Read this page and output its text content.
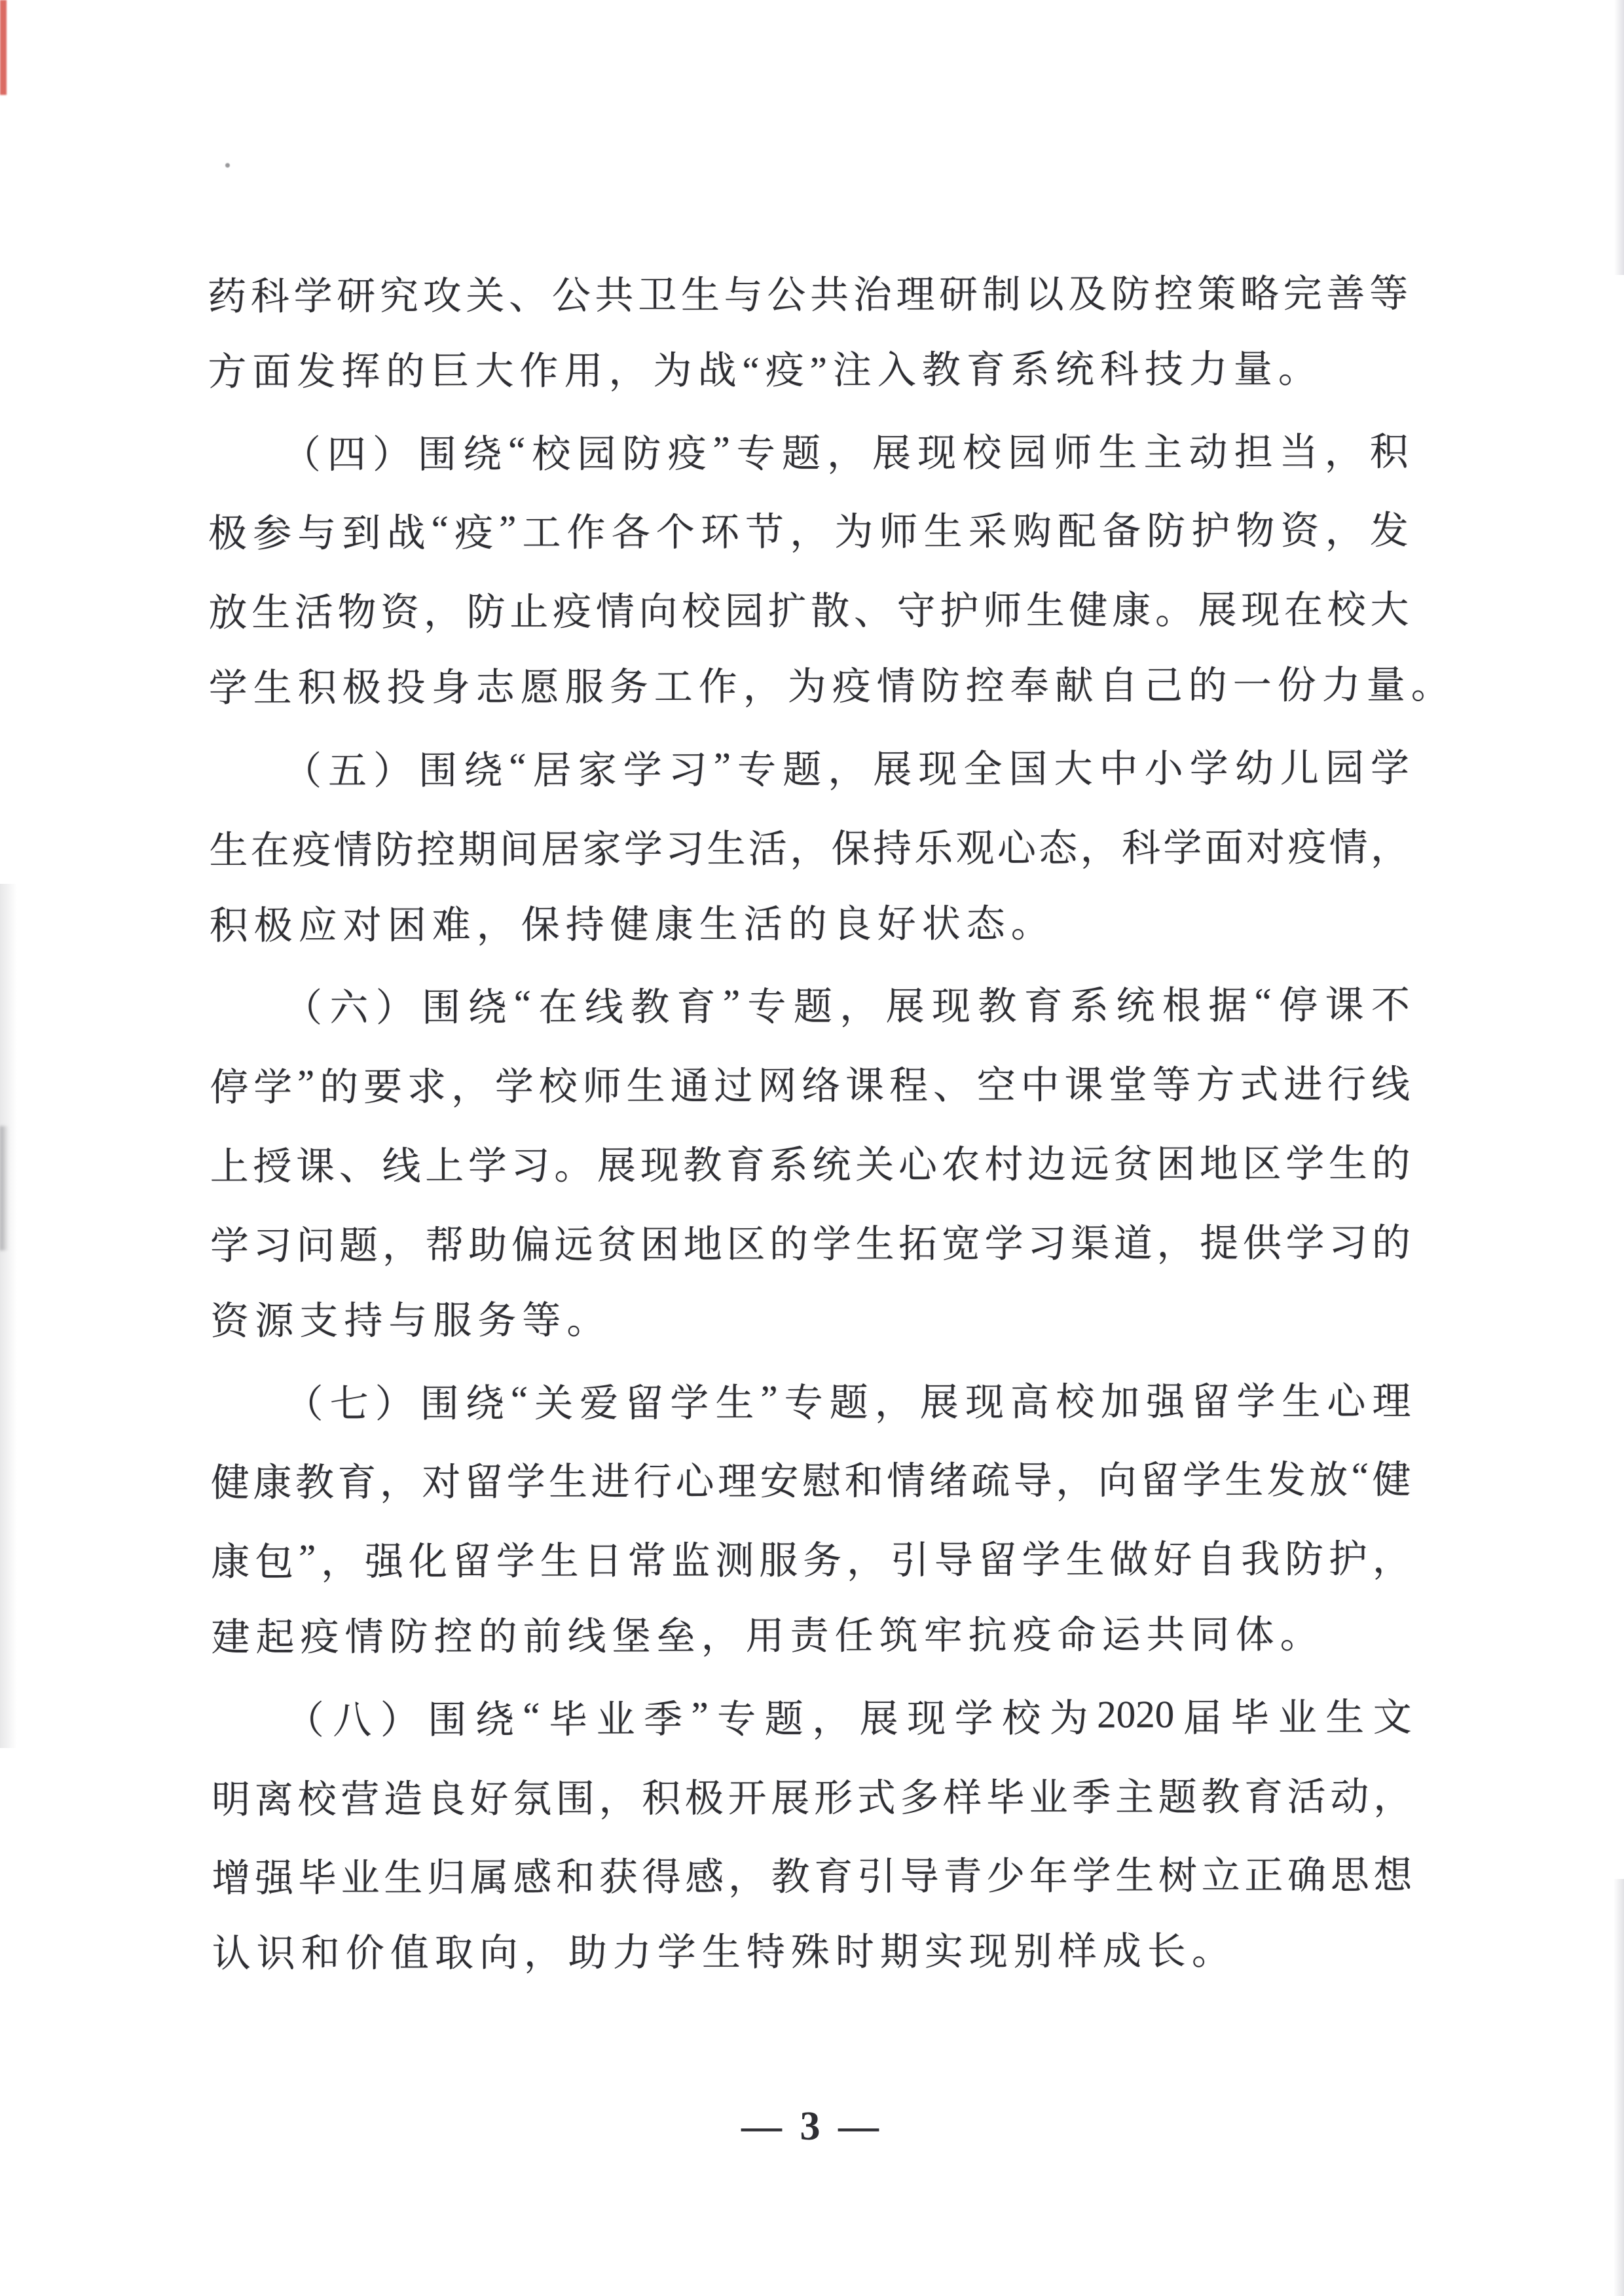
药 科 学 研 究 攻 关 、 公 共 卫 生 与 公 共 治 理 研 制 以 及 防 控 策 略 完 善 等
方面发挥的巨大作用，为战“疫”注入教育系统科技力量。
（ 四 ） 围 绕 “ 校 园 防 疫 ” 专 题 ， 展 现 校 园 师 生 主 动 担 当 ， 积
极 参 与 到 战 “ 疫 ” 工 作 各 个 环 节 ， 为 师 生 采 购 配 备 防 护 物 资 ， 发
放 生 活 物 资 ， 防 止 疫 情 向 校 园 扩 散 、 守 护 师 生 健 康 。 展 现 在 校 大
学生积极投身志愿服务工作，为疫情防控奉献自己的一份力量。
（ 五 ） 围 绕 “ 居 家 学 习 ” 专 题 ， 展 现 全 国 大 中 小 学 幼 儿 园 学
生 在 疫 情 防 控 期 间 居 家 学 习 生 活 ， 保 持 乐 观 心 态 ， 科 学 面 对 疫 情 ，
积极应对困难，保持健康生活的良好状态。
（ 六 ） 围 绕 “ 在 线 教 育 ” 专 题 ， 展 现 教 育 系 统 根 据 “ 停 课 不
停 学 ” 的 要 求 ， 学 校 师 生 通 过 网 络 课 程 、 空 中 课 堂 等 方 式 进 行 线
上 授 课 、 线 上 学 习 。 展 现 教 育 系 统 关 心 农 村 边 远 贫 困 地 区 学 生 的
学 习 问 题 ， 帮 助 偏 远 贫 困 地 区 的 学 生 拓 宽 学 习 渠 道 ， 提 供 学 习 的
资源支持与服务等。
（ 七 ） 围 绕 “ 关 爱 留 学 生 ” 专 题 ， 展 现 高 校 加 强 留 学 生 心 理
健 康 教 育 ， 对 留 学 生 进 行 心 理 安 慰 和 情 绪 疏 导 ， 向 留 学 生 发 放 “ 健
康 包 ” ， 强 化 留 学 生 日 常 监 测 服 务 ， 引 导 留 学 生 做 好 自 我 防 护 ，
建起疫情防控的前线堡垒，用责任筑牢抗疫命运共同体。
（ 八 ） 围 绕 “ 毕 业 季 ” 专 题 ， 展 现 学 校 为 2020 届 毕 业 生 文
明 离 校 营 造 良 好 氛 围 ， 积 极 开 展 形 式 多 样 毕 业 季 主 题 教 育 活 动 ，
增 强 毕 业 生 归 属 感 和 获 得 感 ， 教 育 引 导 青 少 年 学 生 树 立 正 确 思 想
认识和价值取向，助力学生特殊时期实现别样成长。
— 3 —
